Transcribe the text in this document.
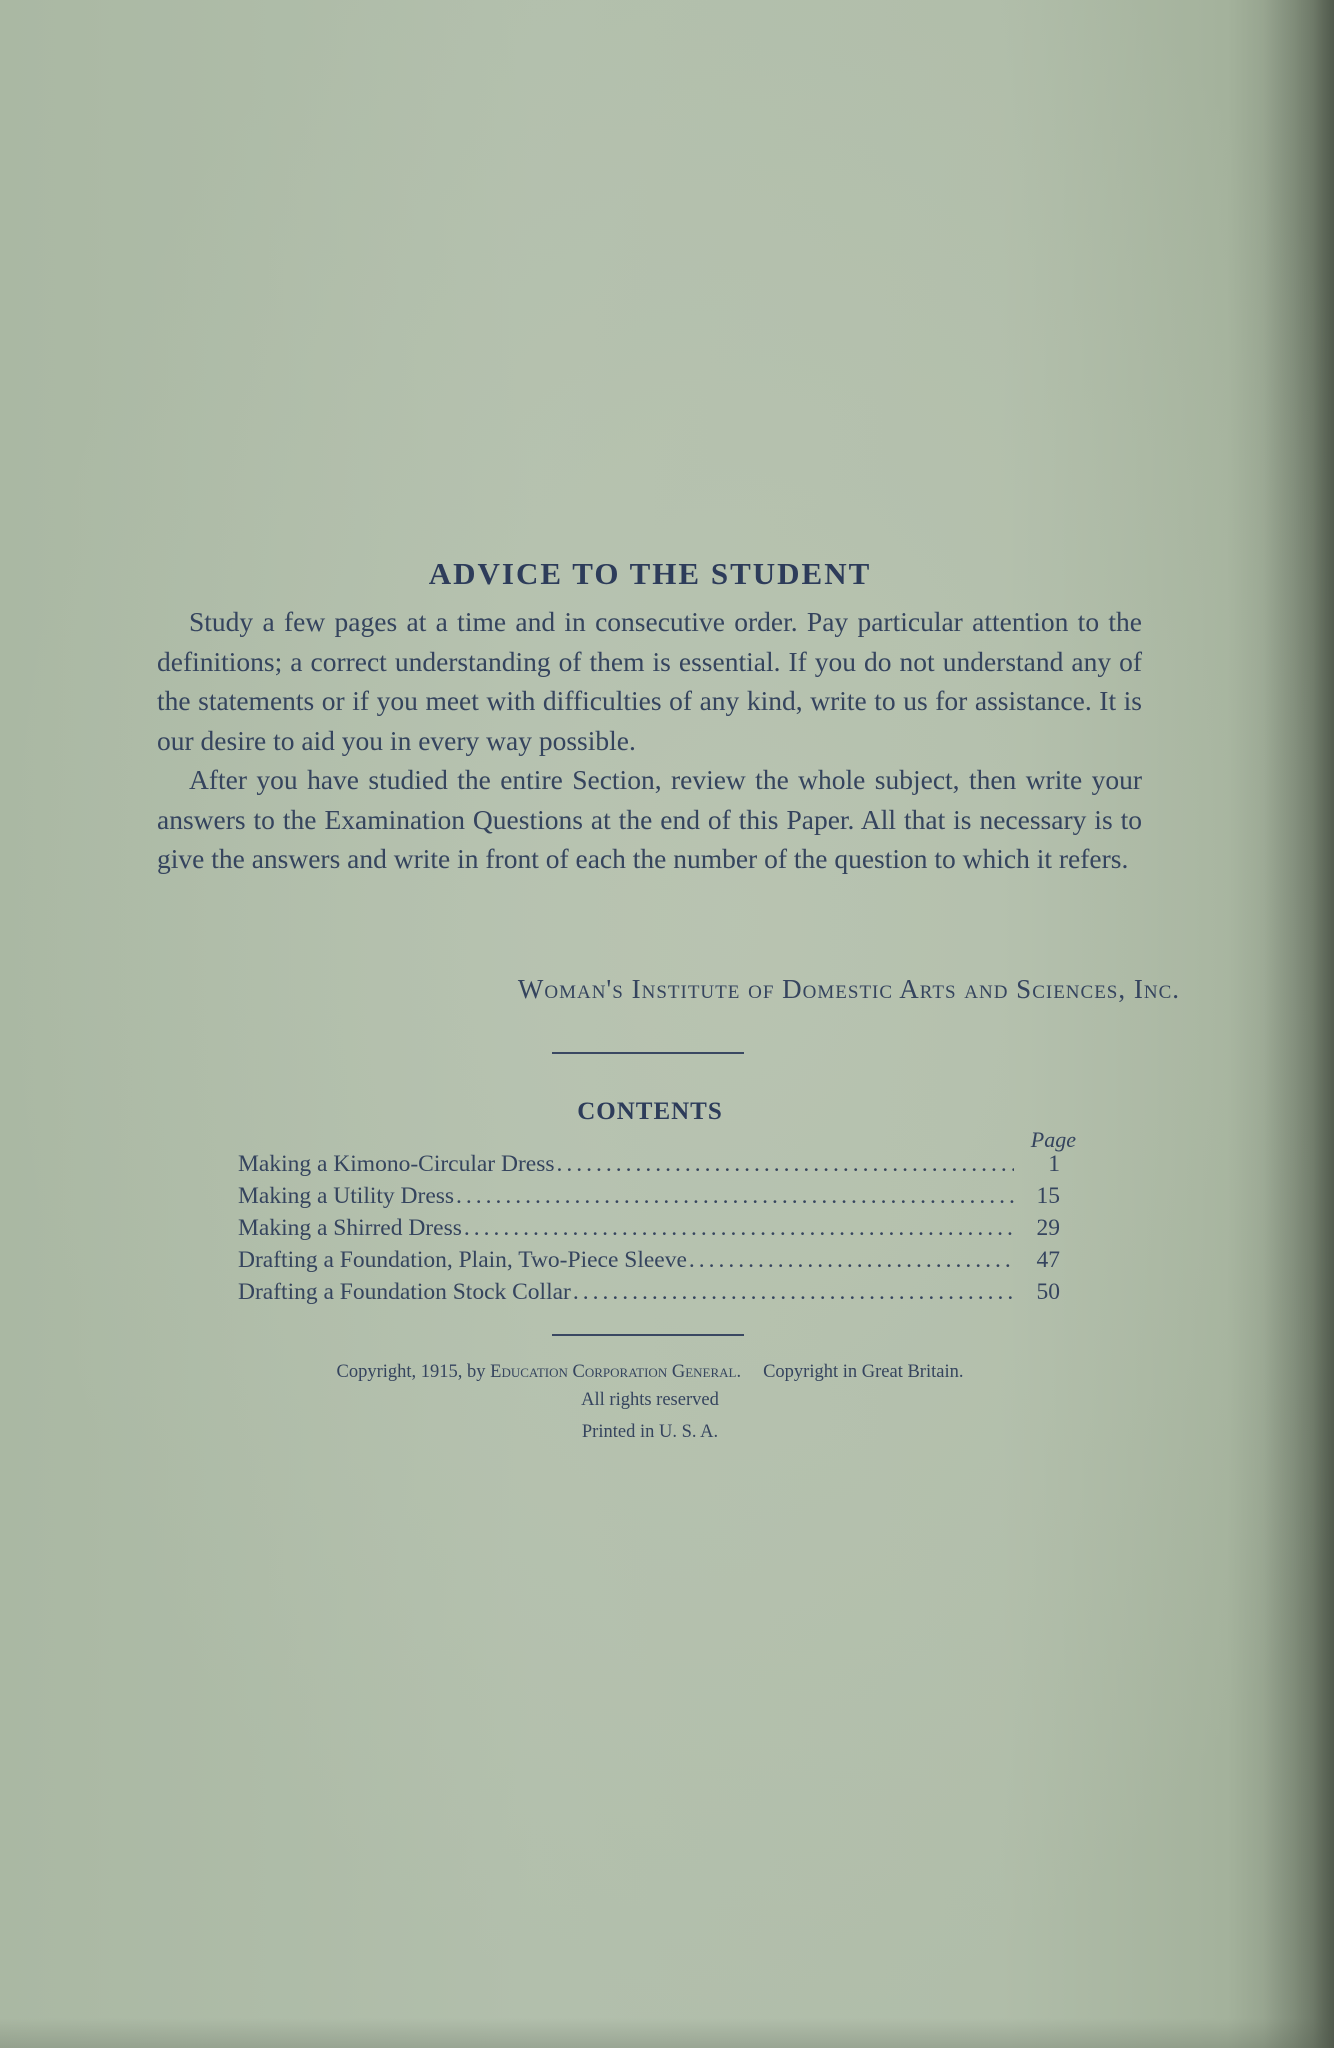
ADVICE TO THE STUDENT

Study a few pages at a time and in consecutive order. Pay particular attention to the definitions; a correct understanding of them is essential. If you do not understand any of the statements or if you meet with difficulties of any kind, write to us for assistance. It is our desire to aid you in every way possible.

After you have studied the entire Section, review the whole subject, then write your answers to the Examination Questions at the end of this Paper. All that is necessary is to give the answers and write in front of each the number of the question to which it refers.

Woman's Institute of Domestic Arts and Sciences, Inc.
CONTENTS
Page
Making a Kimono-Circular Dress .....	1
Making a Utility Dress .....	15
Making a Shirred Dress .....	29
Drafting a Foundation, Plain, Two-Piece Sleeve .....	47
Drafting a Foundation Stock Collar .....	50
Copyright, 1915, by Education Corporation General. Copyright in Great Britain.
All rights reserved
Printed in U. S. A.
